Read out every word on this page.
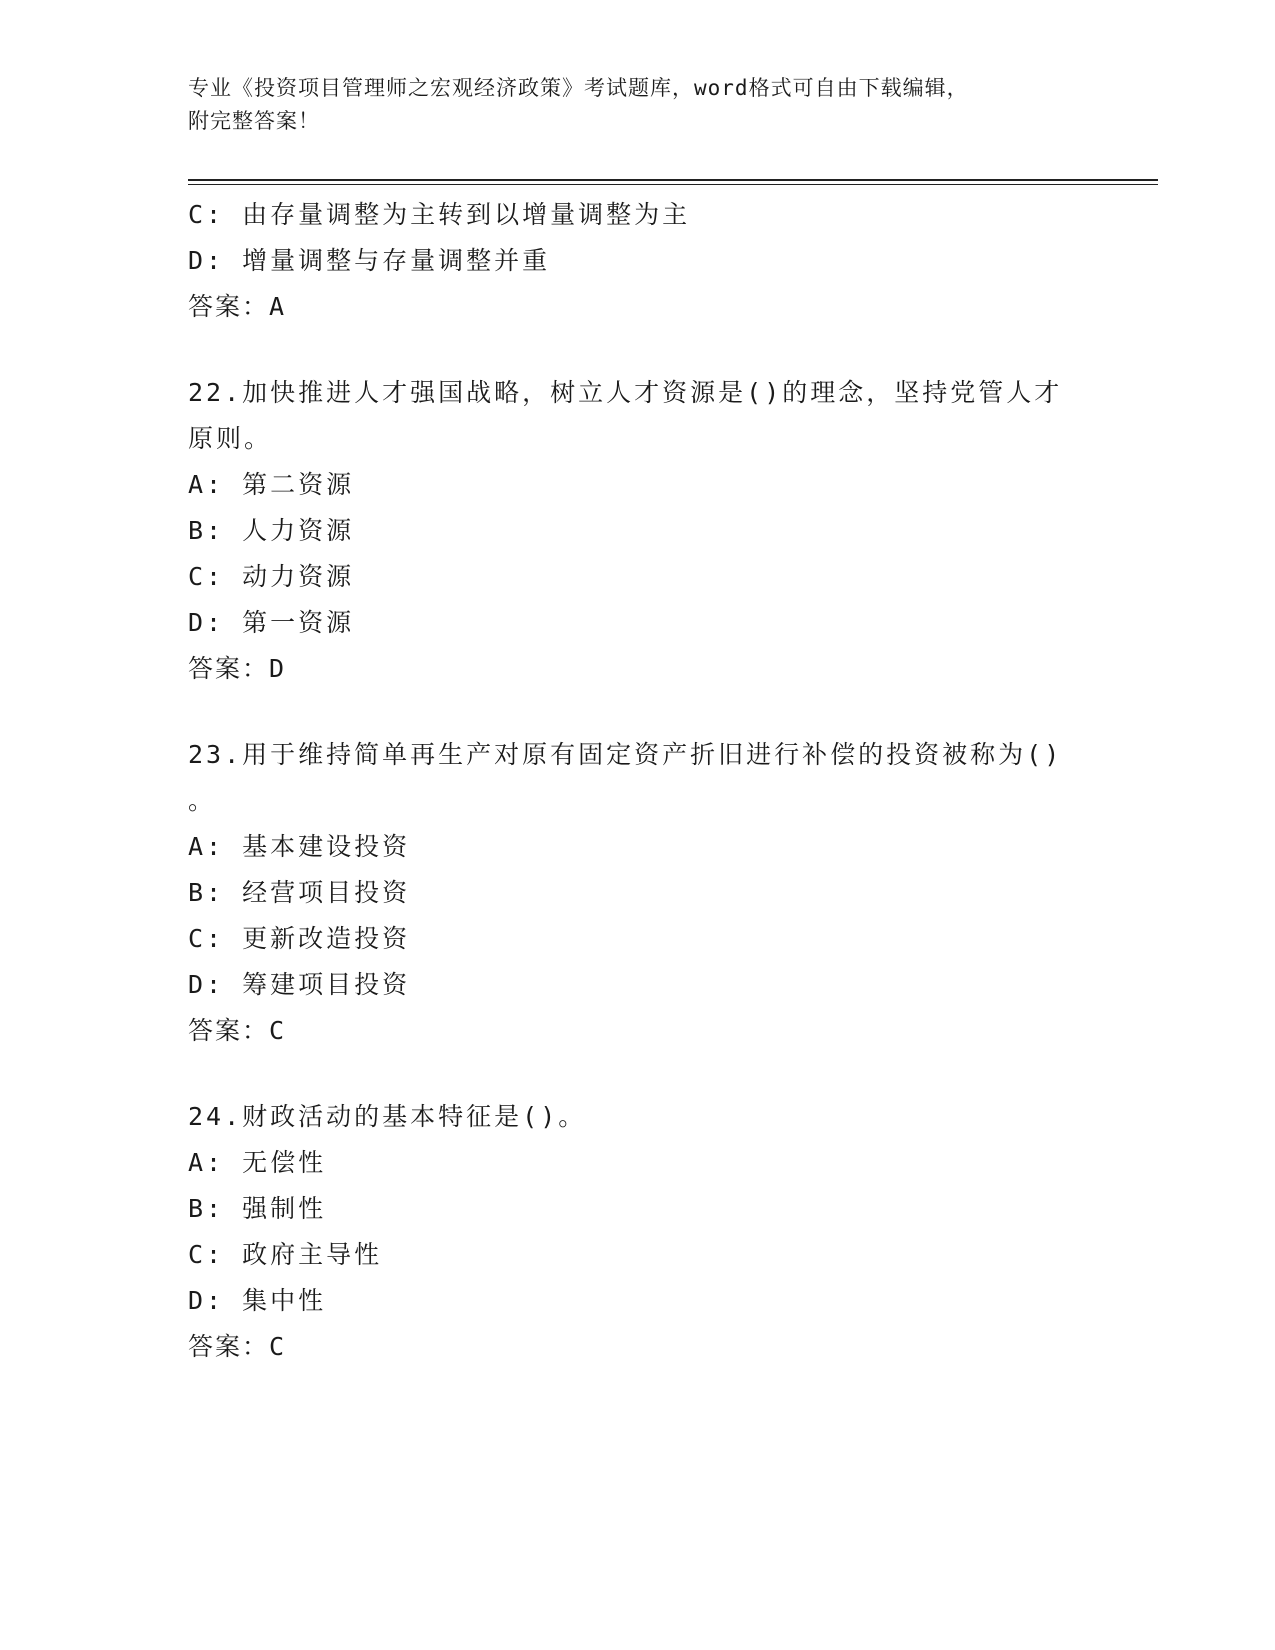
专业《投资项目管理师之宏观经济政策》考试题库，word格式可自由下载编辑，
附完整答案！
C: 由存量调整为主转到以增量调整为主
D: 增量调整与存量调整并重
答案：A
22.加快推进人才强国战略，树立人才资源是()的理念，坚持党管人才
原则。
A: 第二资源
B: 人力资源
C: 动力资源
D: 第一资源
答案：D
23.用于维持简单再生产对原有固定资产折旧进行补偿的投资被称为()
。
A: 基本建设投资
B: 经营项目投资
C: 更新改造投资
D: 筹建项目投资
答案：C
24.财政活动的基本特征是()。
A: 无偿性
B: 强制性
C: 政府主导性
D: 集中性
答案：C
